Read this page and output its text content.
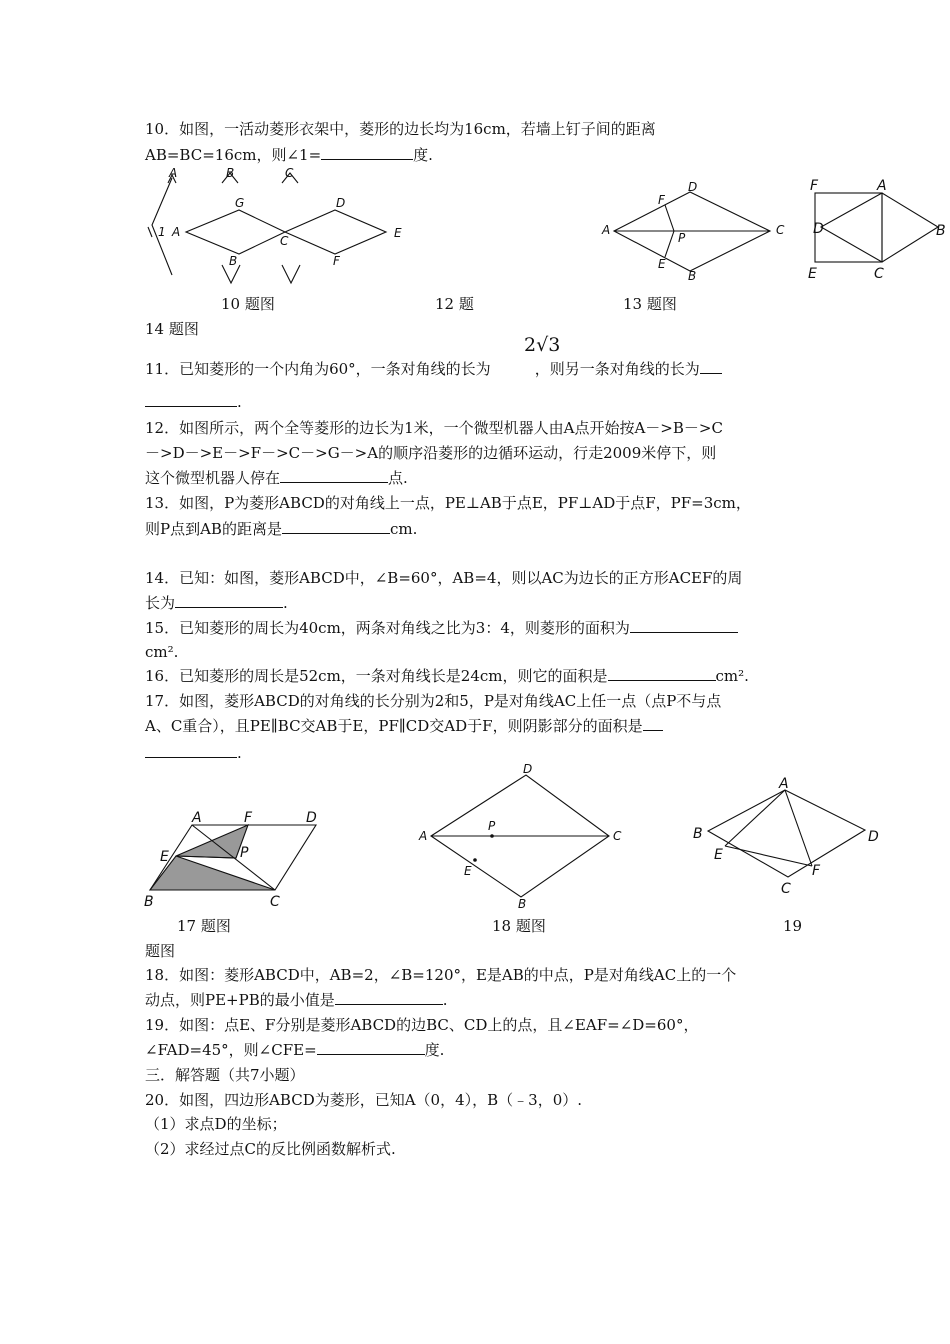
10．如图，一活动菱形衣架中，菱形的边长均为16cm，若墙上钉子间的距离
AB=BC=16cm，则∠1=	度.
A	B	C
1 A
G
C
D
E
B	F
A
F
D
P
C
E
B
F	A
D	B
E	C
10 题图	12 题	13 题图
14 题图
2√3
11．已知菱形的一个内角为60°，一条对角线的长为	，则另一条对角线的长为
.
12．如图所示，两个全等菱形的边长为1米，一个微型机器人由A点开始按A－>B－>C
－>D－>E－>F－>C－>G－>A的顺序沿菱形的边循环运动，行走2009米停下，则
这个微型机器人停在	点.
13．如图，P为菱形ABCD的对角线上一点，PE⊥AB于点E，PF⊥AD于点F，PF=3cm，
则P点到AB的距离是	cm.
14．已知：如图，菱形ABCD中，∠B=60°，AB=4，则以AC为边长的正方形ACEF的周
长为	.
15．已知菱形的周长为40cm，两条对角线之比为3：4，则菱形的面积为
cm².
16．已知菱形的周长是52cm，一条对角线长是24cm，则它的面积是	cm².
17．如图，菱形ABCD的对角线的长分别为2和5，P是对角线AC上任一点（点P不与点
A、C重合），且PE∥BC交AB于E，PF∥CD交AD于F，则阴影部分的面积是
.
A	F	D
E	P
B	C
D
A
P
C
E
B
A
B
E
D
F
C
17 题图	18 题图	19
题图
18．如图：菱形ABCD中，AB=2，∠B=120°，E是AB的中点，P是对角线AC上的一个
动点，则PE+PB的最小值是	.
19．如图：点E、F分别是菱形ABCD的边BC、CD上的点，且∠EAF=∠D=60°，
∠FAD=45°，则∠CFE=	度.
三．解答题（共7小题）
20．如图，四边形ABCD为菱形，已知A（0，4），B（﹣3，0）.
（1）求点D的坐标；
（2）求经过点C的反比例函数解析式.
